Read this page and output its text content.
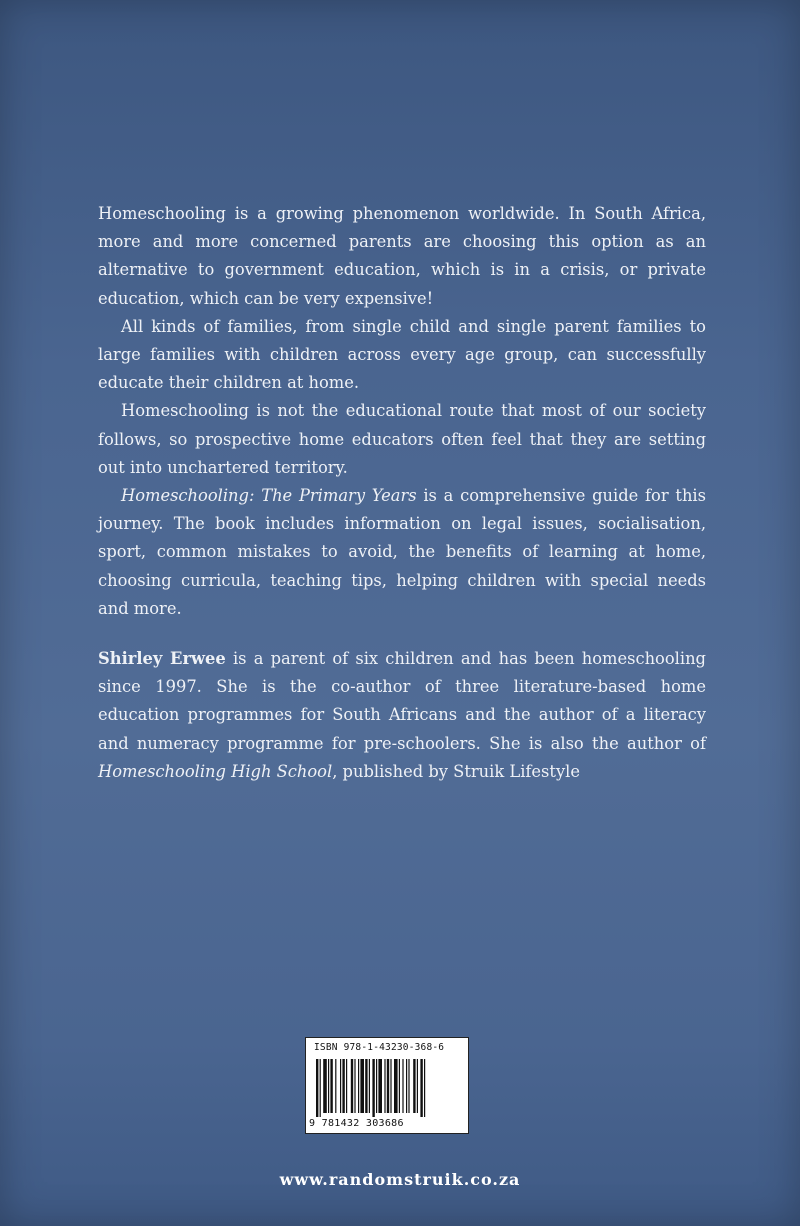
Homeschooling is a growing phenomenon worldwide. In South Africa, more and more concerned parents are choosing this option as an alternative to government education, which is in a crisis, or private education, which can be very expensive!

All kinds of families, from single child and single parent families to large families with children across every age group, can successfully educate their children at home.

Homeschooling is not the educational route that most of our society follows, so prospective home educators often feel that they are setting out into unchartered territory.

Homeschooling: The Primary Years is a comprehensive guide for this journey. The book includes information on legal issues, socialisation, sport, common mistakes to avoid, the benefits of learning at home, choosing curricula, teaching tips, helping children with special needs and more.

Shirley Erwee is a parent of six children and has been homeschooling since 1997. She is the co-author of three literature-based home education programmes for South Africans and the author of a literacy and numeracy programme for pre-schoolers. She is also the author of Homeschooling High School, published by Struik Lifestyle

ISBN 978-1-43230-368-6
9 781432 303686
www.randomstruik.co.za
